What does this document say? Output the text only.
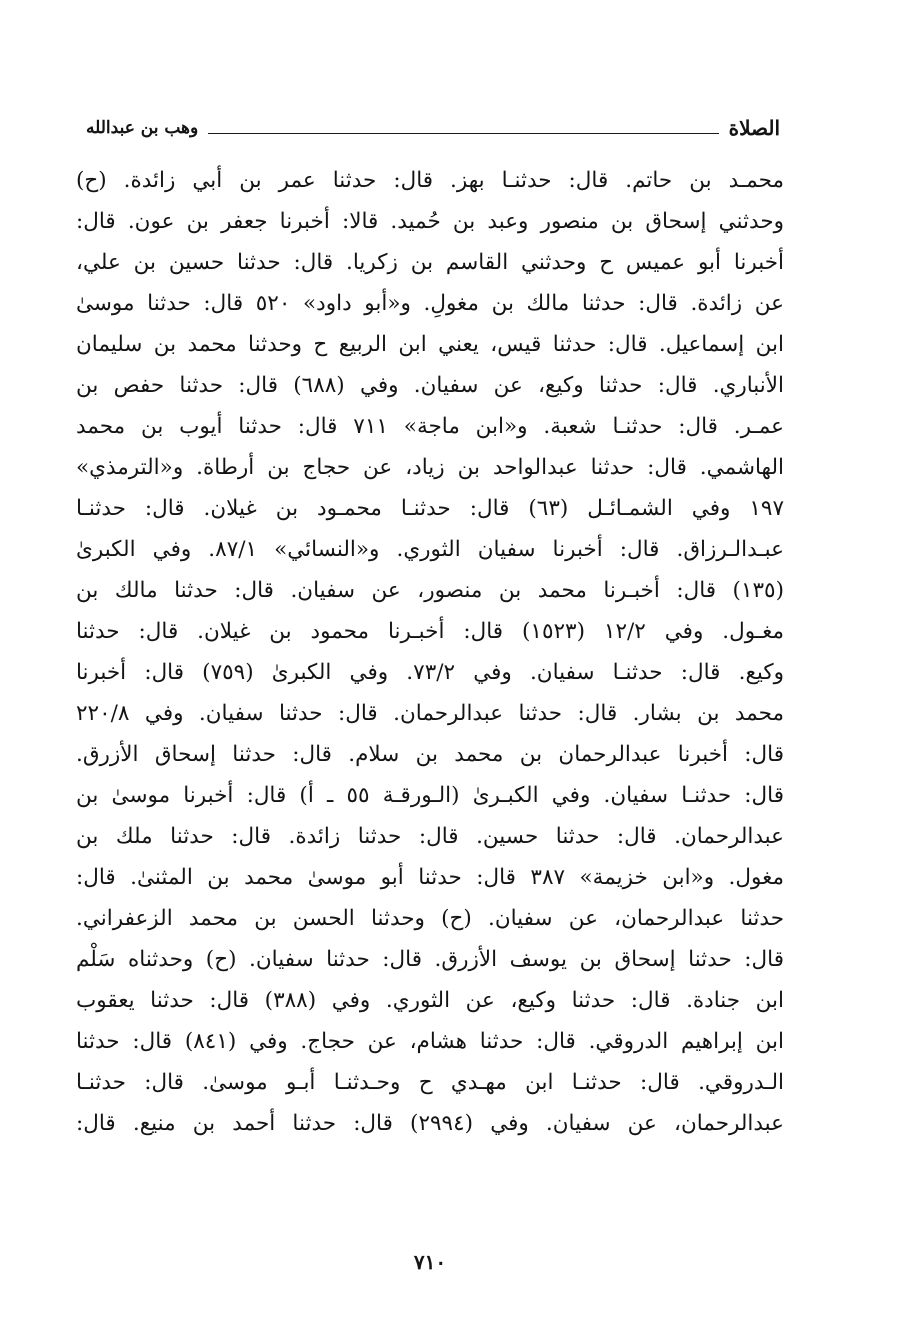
الصلاة
وهب بن عبدالله
محمـد بن حاتم. قال: حدثنـا بهز. قال: حدثنا عمر بن أبي زائدة. (ح)
وحدثني إسحاق بن منصور وعبد بن حُميد. قالا: أخبرنا جعفر بن عون. قال:
أخبرنا أبو عميس ح وحدثني القاسم بن زكريا. قال: حدثنا حسين بن علي،
عن زائدة. قال: حدثنا مالك بن مغولِ. و«أبو داود» ٥٢٠ قال: حدثنا موسىٰ
ابن إسماعيل. قال: حدثنا قيس، يعني ابن الربيع ح وحدثنا محمد بن سليمان
الأنباري. قال: حدثنا وكيع، عن سفيان. وفي (٦٨٨) قال: حدثنا حفص بن
عمـر. قال: حدثنـا شعبة. و«ابن ماجة» ٧١١ قال: حدثنا أيوب بن محمد
الهاشمي. قال: حدثنا عبدالواحد بن زياد، عن حجاج بن أرطاة. و«الترمذي»
١٩٧ وفي الشمـائـل (٦٣) قال: حدثنـا محمـود بن غيلان. قال: حدثنـا
عبـدالـرزاق. قال: أخبرنا سفيان الثوري. و«النسائي» ٨٧/١. وفي الكبرىٰ
(١٣٥) قال: أخبـرنا محمد بن منصور، عن سفيان. قال: حدثنا مالك بن
مغـول. وفي ١٢/٢ (١٥٢٣) قال: أخبـرنا محمود بن غيلان. قال: حدثنا
وكيع. قال: حدثنـا سفيان. وفي ٧٣/٢. وفي الكبرىٰ (٧٥٩) قال: أخبرنا
محمد بن بشار. قال: حدثنا عبدالرحمان. قال: حدثنا سفيان. وفي ٢٢٠/٨
قال: أخبرنا عبدالرحمان بن محمد بن سلام. قال: حدثنا إسحاق الأزرق.
قال: حدثنـا سفيان. وفي الكبـرىٰ (الـورقـة ٥٥ ـ أ) قال: أخبرنا موسىٰ بن
عبدالرحمان. قال: حدثنا حسين. قال: حدثنا زائدة. قال: حدثنا ملك بن
مغول. و«ابن خزيمة» ٣٨٧ قال: حدثنا أبو موسىٰ محمد بن المثنىٰ. قال:
حدثنا عبدالرحمان، عن سفيان. (ح) وحدثنا الحسن بن محمد الزعفراني.
قال: حدثنا إسحاق بن يوسف الأزرق. قال: حدثنا سفيان. (ح) وحدثناه سَلْم
ابن جنادة. قال: حدثنا وكيع، عن الثوري. وفي (٣٨٨) قال: حدثنا يعقوب
ابن إبراهيم الدروقي. قال: حدثنا هشام، عن حجاج. وفي (٨٤١) قال: حدثنا
الـدروقي. قال: حدثنـا ابن مهـدي ح وحـدثنـا أبـو موسىٰ. قال: حدثنـا
عبدالرحمان، عن سفيان. وفي (٢٩٩٤) قال: حدثنا أحمد بن منيع. قال:
٧١٠
